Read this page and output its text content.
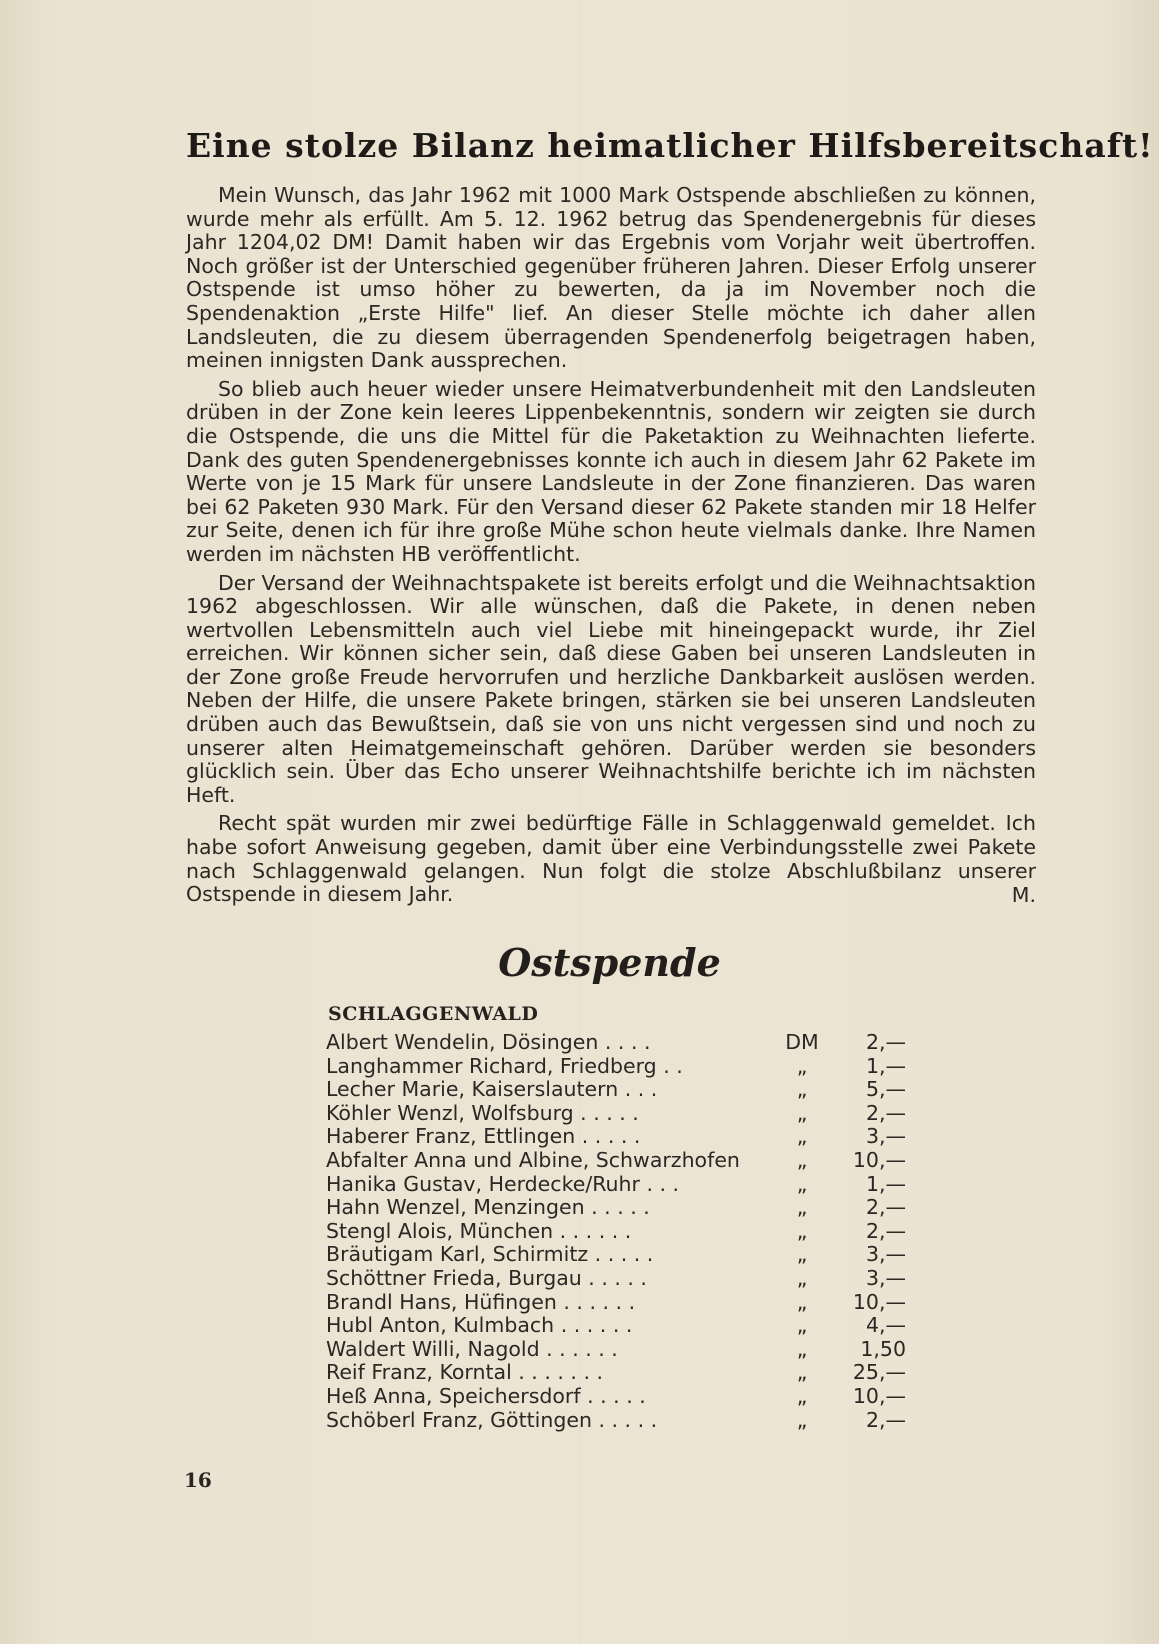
Eine stolze Bilanz heimatlicher Hilfsbereitschaft!

Mein Wunsch, das Jahr 1962 mit 1000 Mark Ostspende abschließen zu können, wurde mehr als erfüllt. Am 5. 12. 1962 betrug das Spendenergebnis für dieses Jahr 1204,02 DM! Damit haben wir das Ergebnis vom Vorjahr weit übertroffen. Noch größer ist der Unterschied gegenüber früheren Jahren. Dieser Erfolg unserer Ostspende ist umso höher zu bewerten, da ja im November noch die Spendenaktion „Erste Hilfe" lief. An dieser Stelle möchte ich daher allen Landsleuten, die zu diesem überragenden Spendenerfolg beigetragen haben, meinen innigsten Dank aussprechen.

So blieb auch heuer wieder unsere Heimatverbundenheit mit den Landsleuten drüben in der Zone kein leeres Lippenbekenntnis, sondern wir zeigten sie durch die Ostspende, die uns die Mittel für die Paketaktion zu Weihnachten lieferte. Dank des guten Spendenergebnisses konnte ich auch in diesem Jahr 62 Pakete im Werte von je 15 Mark für unsere Landsleute in der Zone finanzieren. Das waren bei 62 Paketen 930 Mark. Für den Versand dieser 62 Pakete standen mir 18 Helfer zur Seite, denen ich für ihre große Mühe schon heute vielmals danke. Ihre Namen werden im nächsten HB veröffentlicht.

Der Versand der Weihnachtspakete ist bereits erfolgt und die Weihnachtsaktion 1962 abgeschlossen. Wir alle wünschen, daß die Pakete, in denen neben wertvollen Lebensmitteln auch viel Liebe mit hineingepackt wurde, ihr Ziel erreichen. Wir können sicher sein, daß diese Gaben bei unseren Landsleuten in der Zone große Freude hervorrufen und herzliche Dankbarkeit auslösen werden. Neben der Hilfe, die unsere Pakete bringen, stärken sie bei unseren Landsleuten drüben auch das Bewußtsein, daß sie von uns nicht vergessen sind und noch zu unserer alten Heimatgemeinschaft gehören. Darüber werden sie besonders glücklich sein. Über das Echo unserer Weihnachtshilfe berichte ich im nächsten Heft.

Recht spät wurden mir zwei bedürftige Fälle in Schlaggenwald gemeldet. Ich habe sofort Anweisung gegeben, damit über eine Verbindungsstelle zwei Pakete nach Schlaggenwald gelangen. Nun folgt die stolze Abschlußbilanz unserer Ostspende in diesem Jahr.	M.
Ostspende
SCHLAGGENWALD
Albert Wendelin, Dösingen . . . .	DM	2,—
Langhammer Richard, Friedberg . .	„	1,—
Lecher Marie, Kaiserslautern . . .	„	5,—
Köhler Wenzl, Wolfsburg . . . . .	„	2,—
Haberer Franz, Ettlingen . . . . .	„	3,—
Abfalter Anna und Albine, Schwarzhofen	„	10,—
Hanika Gustav, Herdecke/Ruhr . . .	„	1,—
Hahn Wenzel, Menzingen . . . . .	„	2,—
Stengl Alois, München . . . . . .	„	2,—
Bräutigam Karl, Schirmitz . . . . .	„	3,—
Schöttner Frieda, Burgau . . . . .	„	3,—
Brandl Hans, Hüfingen . . . . . .	„	10,—
Hubl Anton, Kulmbach . . . . . .	„	4,—
Waldert Willi, Nagold . . . . . .	„	1,50
Reif Franz, Korntal . . . . . . .	„	25,—
Heß Anna, Speichersdorf . . . . .	„	10,—
Schöberl Franz, Göttingen . . . . .	„	2,—
16
